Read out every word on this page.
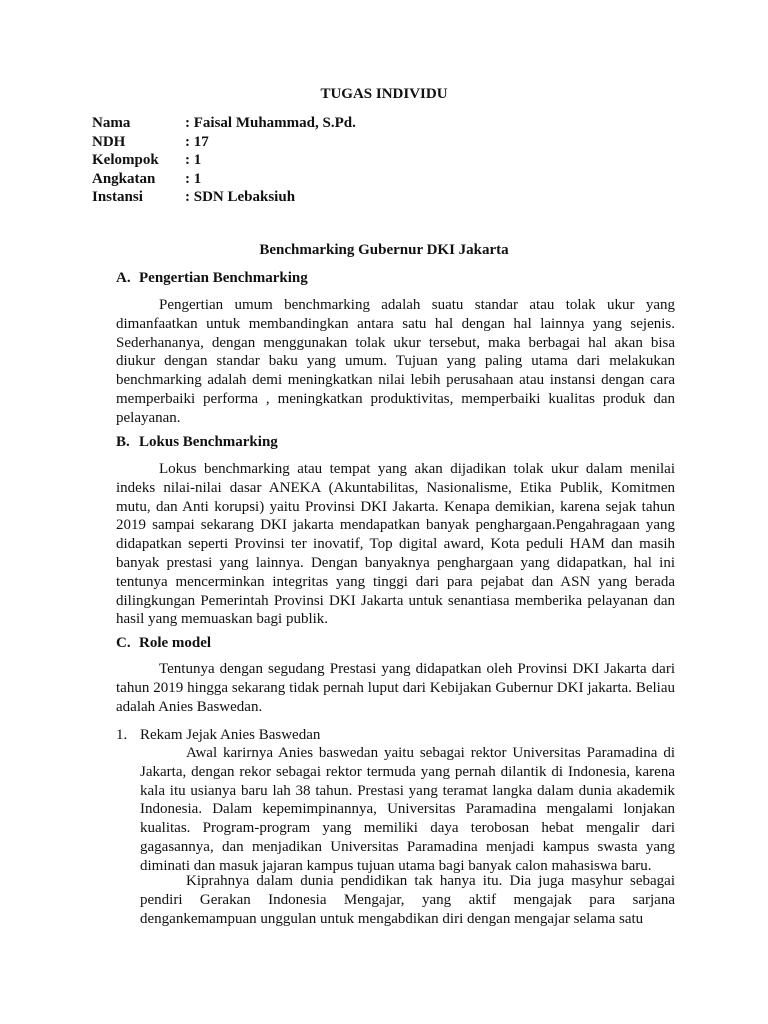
TUGAS INDIVIDU
Nama	: Faisal Muhammad, S.Pd.
NDH	: 17
Kelompok	: 1
Angkatan	: 1
Instansi	: SDN Lebaksiuh
Benchmarking Gubernur DKI Jakarta
A. Pengertian Benchmarking

Pengertian umum benchmarking adalah suatu standar atau tolak ukur yang dimanfaatkan untuk membandingkan antara satu hal dengan hal lainnya yang sejenis. Sederhananya, dengan menggunakan tolak ukur tersebut, maka berbagai hal akan bisa diukur dengan standar baku yang umum. Tujuan yang paling utama dari melakukan benchmarking adalah demi meningkatkan nilai lebih perusahaan atau instansi dengan cara memperbaiki performa , meningkatkan produktivitas, memperbaiki kualitas produk dan pelayanan.

B. Lokus Benchmarking

Lokus benchmarking atau tempat yang akan dijadikan tolak ukur dalam menilai indeks nilai-nilai dasar ANEKA (Akuntabilitas, Nasionalisme, Etika Publik, Komitmen mutu, dan Anti korupsi) yaitu Provinsi DKI Jakarta. Kenapa demikian, karena sejak tahun 2019 sampai sekarang DKI jakarta mendapatkan banyak penghargaan.Pengahragaan yang didapatkan seperti Provinsi ter inovatif, Top digital award, Kota peduli HAM dan masih banyak prestasi yang lainnya. Dengan banyaknya penghargaan yang didapatkan, hal ini tentunya mencerminkan integritas yang tinggi dari para pejabat dan ASN yang berada dilingkungan Pemerintah Provinsi DKI Jakarta untuk senantiasa memberika pelayanan dan hasil yang memuaskan bagi publik.

C. Role model

Tentunya dengan segudang Prestasi yang didapatkan oleh Provinsi DKI Jakarta dari tahun 2019 hingga sekarang tidak pernah luput dari Kebijakan Gubernur DKI jakarta. Beliau adalah Anies Baswedan.

1. Rekam Jejak Anies Baswedan

Awal karirnya Anies baswedan yaitu sebagai rektor Universitas Paramadina di Jakarta, dengan rekor sebagai rektor termuda yang pernah dilantik di Indonesia, karena kala itu usianya baru lah 38 tahun. Prestasi yang teramat langka dalam dunia akademik Indonesia. Dalam kepemimpinannya, Universitas Paramadina mengalami lonjakan kualitas. Program-program yang memiliki daya terobosan hebat mengalir dari gagasannya, dan menjadikan Universitas Paramadina menjadi kampus swasta yang diminati dan masuk jajaran kampus tujuan utama bagi banyak calon mahasiswa baru.

Kiprahnya dalam dunia pendidikan tak hanya itu. Dia juga masyhur sebagai pendiri Gerakan Indonesia Mengajar, yang aktif mengajak para sarjana dengankemampuan unggulan untuk mengabdikan diri dengan mengajar selama satu
